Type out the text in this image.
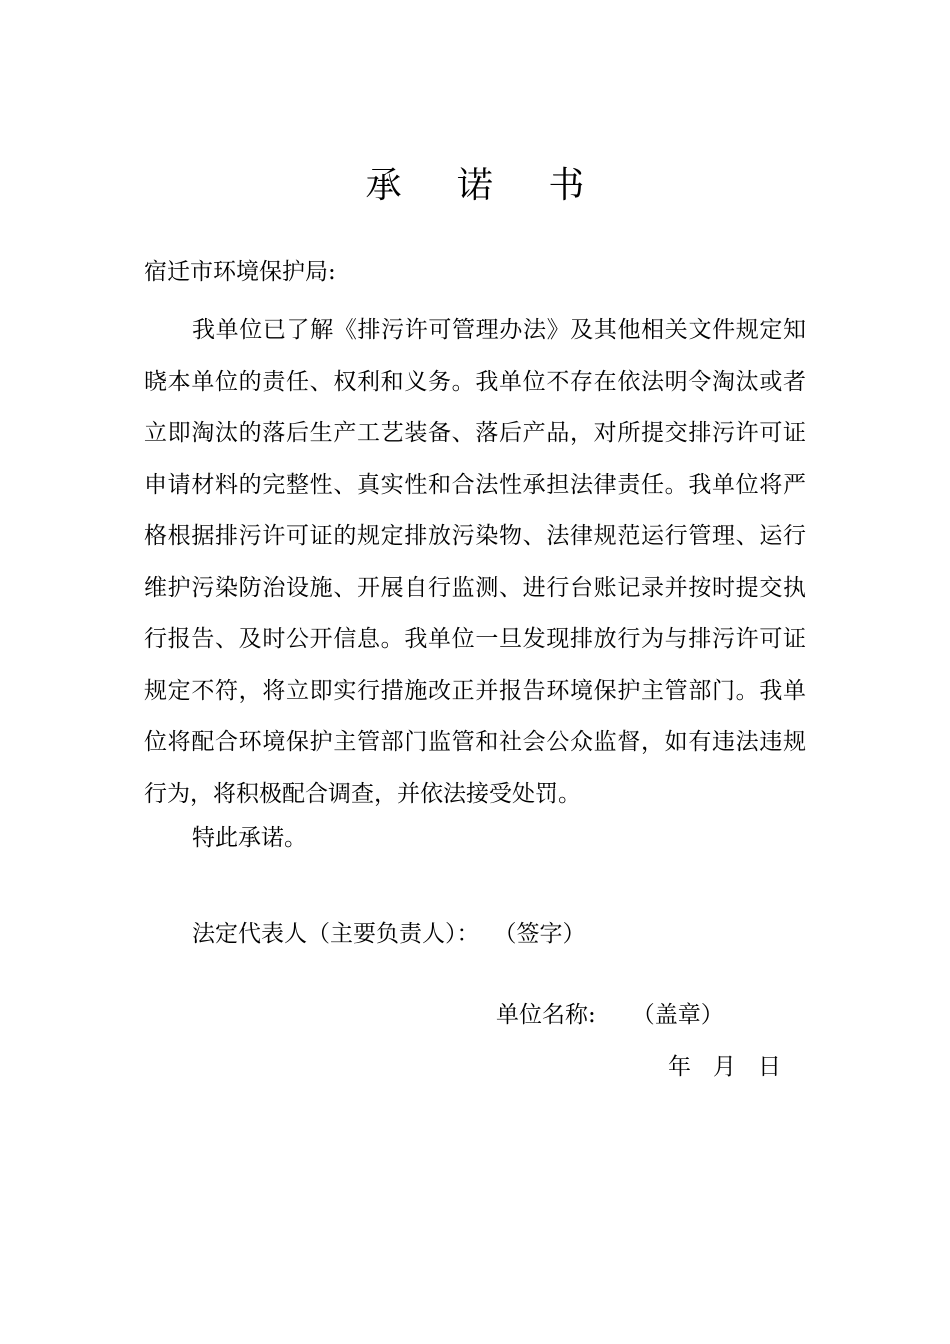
承 诺 书
宿迁市环境保护局:

我单位已了解《排污许可管理办法》及其他相关文件规定知晓本单位的责任、权利和义务。我单位不存在依法明令淘汰或者立即淘汰的落后生产工艺装备、落后产品，对所提交排污许可证申请材料的完整性、真实性和合法性承担法律责任。我单位将严格根据排污许可证的规定排放污染物、法律规范运行管理、运行维护污染防治设施、开展自行监测、进行台账记录并按时提交执行报告、及时公开信息。我单位一旦发现排放行为与排污许可证规定不符，将立即实行措施改正并报告环境保护主管部门。我单位将配合环境保护主管部门监管和社会公众监督，如有违法违规行为，将积极配合调查，并依法接受处罚。

特此承诺。
法定代表人（主要负责人）： （签字）
单位名称: （盖章）
年 月 日
